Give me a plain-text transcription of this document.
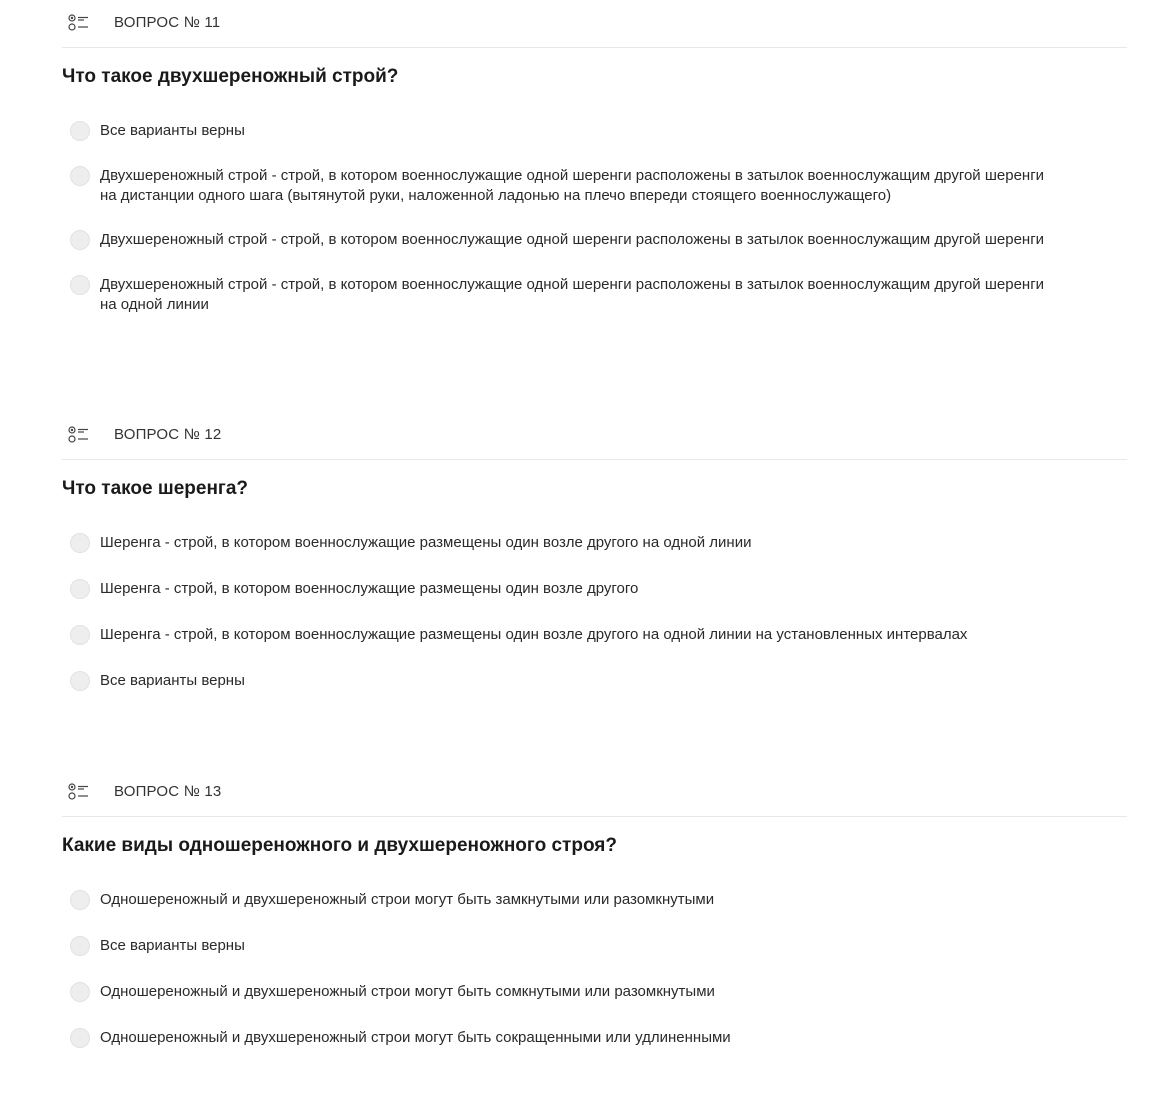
ВОПРОС № 11
Что такое двухшереножный строй?
Все варианты верны
Двухшереножный строй - строй, в котором военнослужащие одной шеренги расположены в затылок военнослужащим другой шеренги на дистанции одного шага (вытянутой руки, наложенной ладонью на плечо впереди стоящего военнослужащего)
Двухшереножный строй - строй, в котором военнослужащие одной шеренги расположены в затылок военнослужащим другой шеренги
Двухшереножный строй - строй, в котором военнослужащие одной шеренги расположены в затылок военнослужащим другой шеренги на одной линии
ВОПРОС № 12
Что такое шеренга?
Шеренга - строй, в котором военнослужащие размещены один возле другого на одной линии
Шеренга - строй, в котором военнослужащие размещены один возле другого
Шеренга - строй, в котором военнослужащие размещены один возле другого на одной линии на установленных интервалах
Все варианты верны
ВОПРОС № 13
Какие виды одношереножного и двухшереножного строя?
Одношереножный и двухшереножный строи могут быть замкнутыми или разомкнутыми
Все варианты верны
Одношереножный и двухшереножный строи могут быть сомкнутыми или разомкнутыми
Одношереножный и двухшереножный строи могут быть сокращенными или удлиненными
